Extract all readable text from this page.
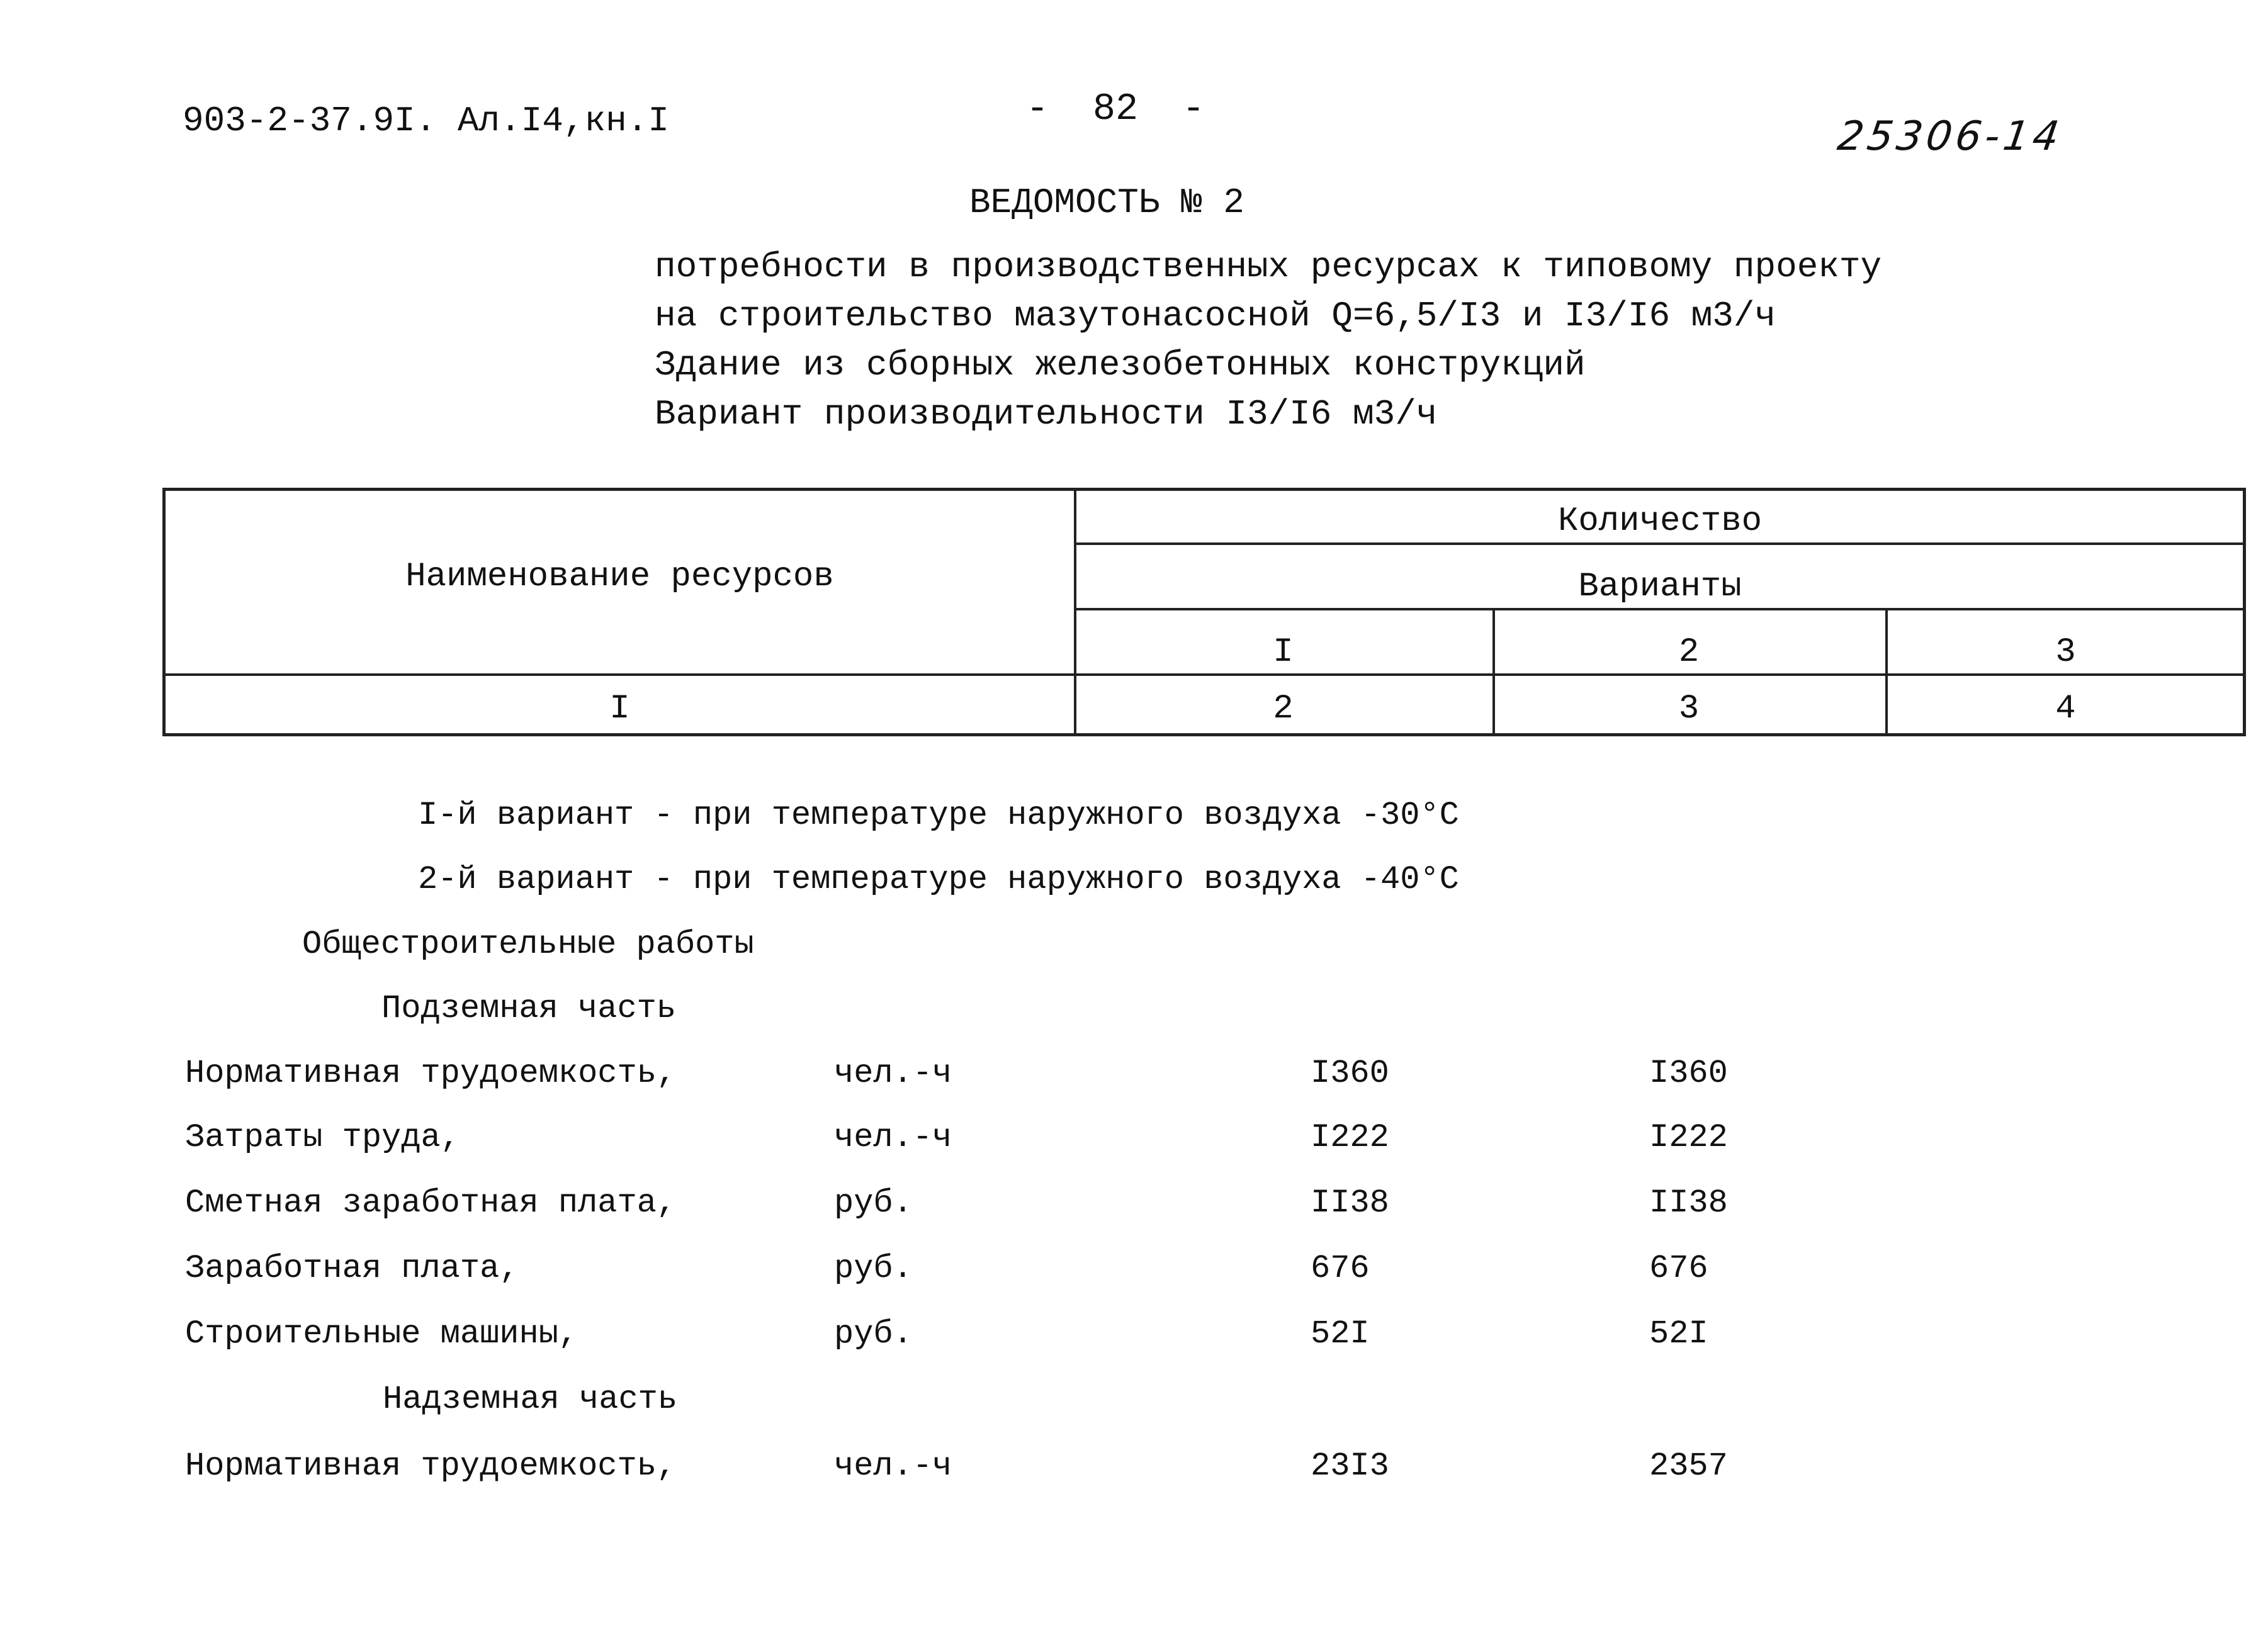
903-2-37.9I. Ал.I4,кн.I	- 82 -
25306-14
ВЕДОМОСТЬ № 2
потребности в производственных ресурсах к типовому проекту
на строительство мазутонасосной Q=6,5/I3 и I3/I6 м3/ч
Здание из сборных железобетонных конструкций
Вариант производительности I3/I6 м3/ч
Наименование ресурсов
Количество
Варианты
I	2	3
I	2	3	4
I-й вариант - при температуре наружного воздуха -30°С
2-й вариант - при температуре наружного воздуха -40°С
Общестроительные работы
Подземная часть
Нормативная трудоемкость,	чел.-ч	I360	I360
Затраты труда,	чел.-ч	I222	I222
Сметная заработная плата,	руб.	II38	II38
Заработная плата,	руб.	676	676
Строительные машины,	руб.	52I	52I
Надземная часть
Нормативная трудоемкость,	чел.-ч	23I3	2357
